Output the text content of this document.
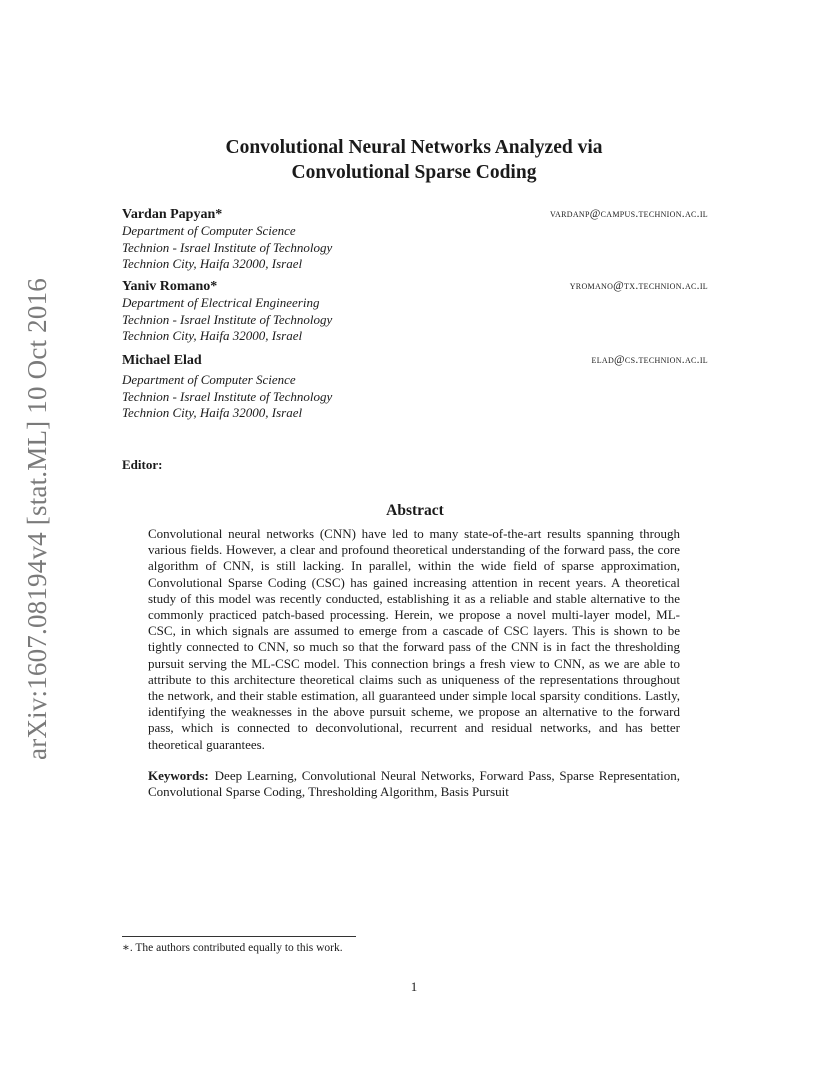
arXiv:1607.08194v4 [stat.ML] 10 Oct 2016
Convolutional Neural Networks Analyzed via
Convolutional Sparse Coding
Vardan Papyan*	vardanp@campus.technion.ac.il
Department of Computer Science
Technion - Israel Institute of Technology
Technion City, Haifa 32000, Israel
Yaniv Romano*	yromano@tx.technion.ac.il
Department of Electrical Engineering
Technion - Israel Institute of Technology
Technion City, Haifa 32000, Israel
Michael Elad	elad@cs.technion.ac.il
Department of Computer Science
Technion - Israel Institute of Technology
Technion City, Haifa 32000, Israel
Editor:
Abstract
Convolutional neural networks (CNN) have led to many state-of-the-art results spanning through various fields. However, a clear and profound theoretical understanding of the forward pass, the core algorithm of CNN, is still lacking. In parallel, within the wide field of sparse approximation, Convolutional Sparse Coding (CSC) has gained increasing attention in recent years. A theoretical study of this model was recently conducted, establishing it as a reliable and stable alternative to the commonly practiced patch-based processing. Herein, we propose a novel multi-layer model, ML-CSC, in which signals are assumed to emerge from a cascade of CSC layers. This is shown to be tightly connected to CNN, so much so that the forward pass of the CNN is in fact the thresholding pursuit serving the ML-CSC model. This connection brings a fresh view to CNN, as we are able to attribute to this architecture theoretical claims such as uniqueness of the representations throughout the network, and their stable estimation, all guaranteed under simple local sparsity conditions. Lastly, identifying the weaknesses in the above pursuit scheme, we propose an alternative to the forward pass, which is connected to deconvolutional, recurrent and residual networks, and has better theoretical guarantees.
Keywords: Deep Learning, Convolutional Neural Networks, Forward Pass, Sparse Representation, Convolutional Sparse Coding, Thresholding Algorithm, Basis Pursuit
∗. The authors contributed equally to this work.
1
